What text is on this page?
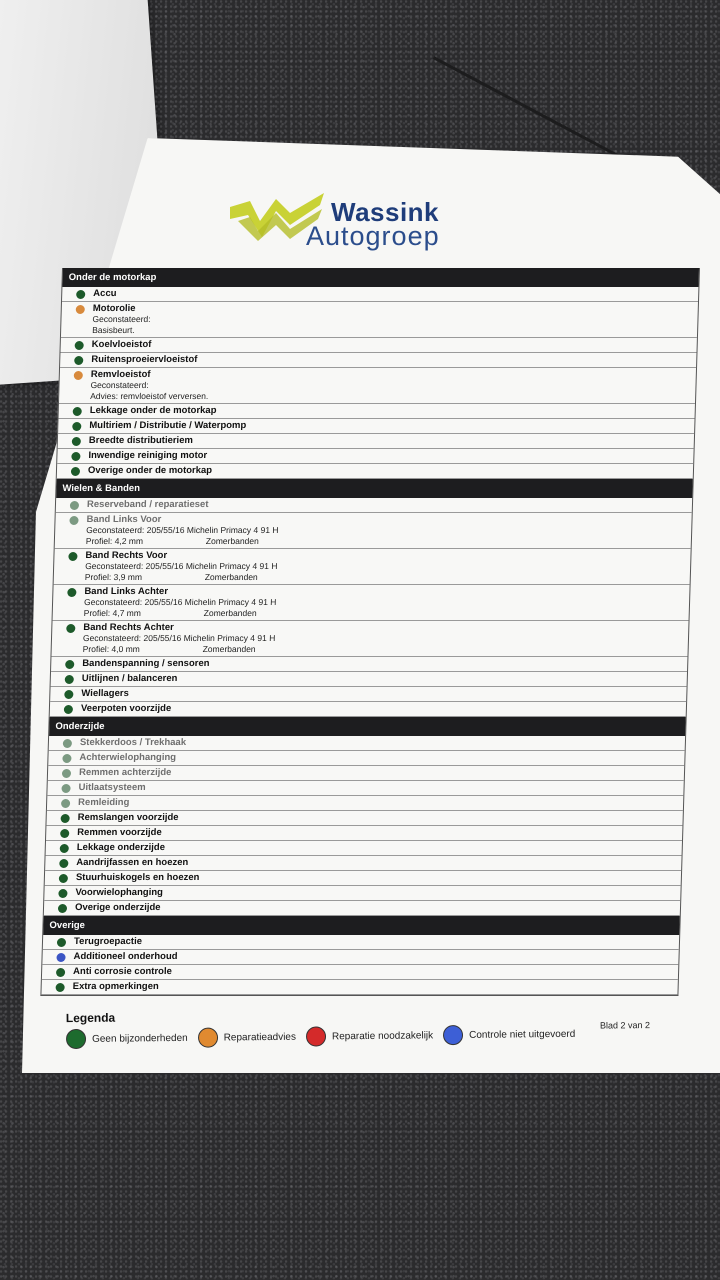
Wassink
Autogroep
Onder de motorkap
Accu
Motorolie
Geconstateerd:
Basisbeurt.
Koelvloeistof
Ruitensproeiervloeistof
Remvloeistof
Geconstateerd:
Advies: remvloeistof verversen.
Lekkage onder de motorkap
Multiriem / Distributie / Waterpomp
Breedte distributieriem
Inwendige reiniging motor
Overige onder de motorkap
Wielen & Banden
Reserveband / reparatieset
Band Links Voor
Geconstateerd: 205/55/16 Michelin Primacy 4 91 H
Profiel: 4,2 mm	Zomerbanden
Band Rechts Voor
Geconstateerd: 205/55/16 Michelin Primacy 4 91 H
Profiel: 3,9 mm	Zomerbanden
Band Links Achter
Geconstateerd: 205/55/16 Michelin Primacy 4 91 H
Profiel: 4,7 mm	Zomerbanden
Band Rechts Achter
Geconstateerd: 205/55/16 Michelin Primacy 4 91 H
Profiel: 4,0 mm	Zomerbanden
Bandenspanning / sensoren
Uitlijnen / balanceren
Wiellagers
Veerpoten voorzijde
Onderzijde
Stekkerdoos / Trekhaak
Achterwielophanging
Remmen achterzijde
Uitlaatsysteem
Remleiding
Remslangen voorzijde
Remmen voorzijde
Lekkage onderzijde
Aandrijfassen en hoezen
Stuurhuiskogels en hoezen
Voorwielophanging
Overige onderzijde
Overige
Terugroepactie
Additioneel onderhoud
Anti corrosie controle
Extra opmerkingen
Legenda
Geen bijzonderheden	Reparatieadvies	Reparatie noodzakelijk	Controle niet uitgevoerd
Blad 2 van 2
